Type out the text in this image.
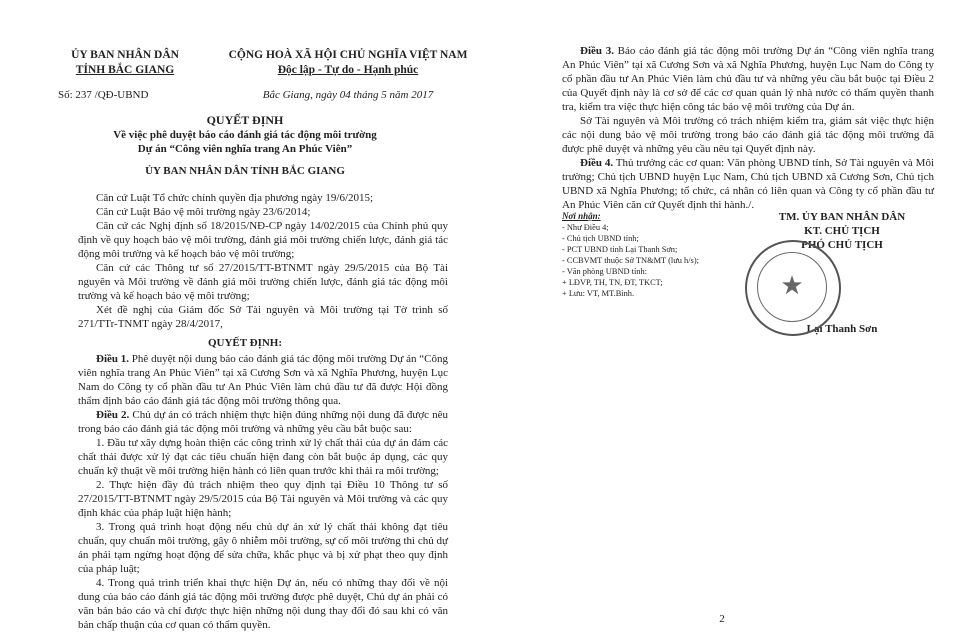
ỦY BAN NHÂN DÂN
TỈNH BẮC GIANG
Số: 237 /QĐ-UBND
CỘNG HOÀ XÃ HỘI CHỦ NGHĨA VIỆT NAM
Độc lập - Tự do - Hạnh phúc
Bắc Giang, ngày 04 tháng 5 năm 2017
QUYẾT ĐỊNH
Về việc phê duyệt báo cáo đánh giá tác động môi trường
Dự án “Công viên nghĩa trang An Phúc Viên”
ỦY BAN NHÂN DÂN TỈNH BẮC GIANG

Căn cứ Luật Tổ chức chính quyền địa phương ngày 19/6/2015;

Căn cứ Luật Bảo vệ môi trường ngày 23/6/2014;

Căn cứ các Nghị định số 18/2015/NĐ-CP ngày 14/02/2015 của Chính phủ quy định về quy hoạch bảo vệ môi trường, đánh giá môi trường chiến lược, đánh giá tác động môi trường và kế hoạch bảo vệ môi trường;

Căn cứ các Thông tư số 27/2015/TT-BTNMT ngày 29/5/2015 của Bộ Tài nguyên và Môi trường về đánh giá môi trường chiến lược, đánh giá tác động môi trường và kế hoạch bảo vệ môi trường;

Xét đề nghị của Giám đốc Sở Tài nguyên và Môi trường tại Tờ trình số 271/TTr-TNMT ngày 28/4/2017,

QUYẾT ĐỊNH:

Điều 1. Phê duyệt nội dung báo cáo đánh giá tác động môi trường Dự án “Công viên nghĩa trang An Phúc Viên” tại xã Cương Sơn và xã Nghĩa Phương, huyện Lục Nam do Công ty cổ phần đầu tư An Phúc Viên làm chủ đầu tư đã được Hội đồng thẩm định báo cáo đánh giá tác động môi trường thông qua.

Điều 2. Chủ dự án có trách nhiệm thực hiện đúng những nội dung đã được nêu trong báo cáo đánh giá tác động môi trường và những yêu cầu bắt buộc sau:

1. Đầu tư xây dựng hoàn thiện các công trình xử lý chất thải của dự án đảm các chất thải được xử lý đạt các tiêu chuẩn hiện đang còn bắt buộc áp dụng, các quy chuẩn kỹ thuật về môi trường hiện hành có liên quan trước khi thải ra môi trường;

2. Thực hiện đầy đủ trách nhiệm theo quy định tại Điều 10 Thông tư số 27/2015/TT-BTNMT ngày 29/5/2015 của Bộ Tài nguyên và Môi trường và các quy định khác của pháp luật hiện hành;

3. Trong quá trình hoạt động nếu chủ dự án xử lý chất thải không đạt tiêu chuẩn, quy chuẩn môi trường, gây ô nhiễm môi trường, sự cố môi trường thì chủ dự án phải tạm ngừng hoạt động để sửa chữa, khắc phục và bị xử phạt theo quy định của pháp luật;

4. Trong quá trình triển khai thực hiện Dự án, nếu có những thay đổi về nội dung của báo cáo đánh giá tác động môi trường được phê duyệt, Chủ dự án phải có văn bản báo cáo và chỉ được thực hiện những nội dung thay đổi đó sau khi có văn bản chấp thuận của cơ quan có thẩm quyền.

Điều 3. Báo cáo đánh giá tác động môi trường Dự án “Công viên nghĩa trang An Phúc Viên” tại xã Cương Sơn và xã Nghĩa Phương, huyện Lục Nam do Công ty cổ phần đầu tư An Phúc Viên làm chủ đầu tư và những yêu cầu bắt buộc tại Điều 2 của Quyết định này là cơ sở để các cơ quan quản lý nhà nước có thẩm quyền thanh tra, kiểm tra việc thực hiện công tác bảo vệ môi trường của Dự án.

Sở Tài nguyên và Môi trường có trách nhiệm kiểm tra, giám sát việc thực hiện các nội dung bảo vệ môi trường trong báo cáo đánh giá tác động môi trường đã được phê duyệt và những yêu cầu nêu tại Quyết định này.

Điều 4. Thủ trưởng các cơ quan: Văn phòng UBND tỉnh, Sở Tài nguyên và Môi trường; Chủ tịch UBND huyện Lục Nam, Chủ tịch UBND xã Cương Sơn, Chủ tịch UBND xã Nghĩa Phương; tổ chức, cá nhân có liên quan và Công ty cổ phần đầu tư An Phúc Viên căn cứ Quyết định thi hành./.

Nơi nhận:
- Như Điều 4;
- Chủ tịch UBND tỉnh;
- PCT UBND tỉnh Lại Thanh Sơn;
- CCBVMT thuộc Sở TN&MT (lưu h/s);
- Văn phòng UBND tỉnh:
+ LĐVP, TH, TN, ĐT, TKCT;
+ Lưu: VT, MT.Bình.
TM. ỦY BAN NHÂN DÂN
KT. CHỦ TỊCH
PHÓ CHỦ TỊCH
Lại Thanh Sơn
2
★
